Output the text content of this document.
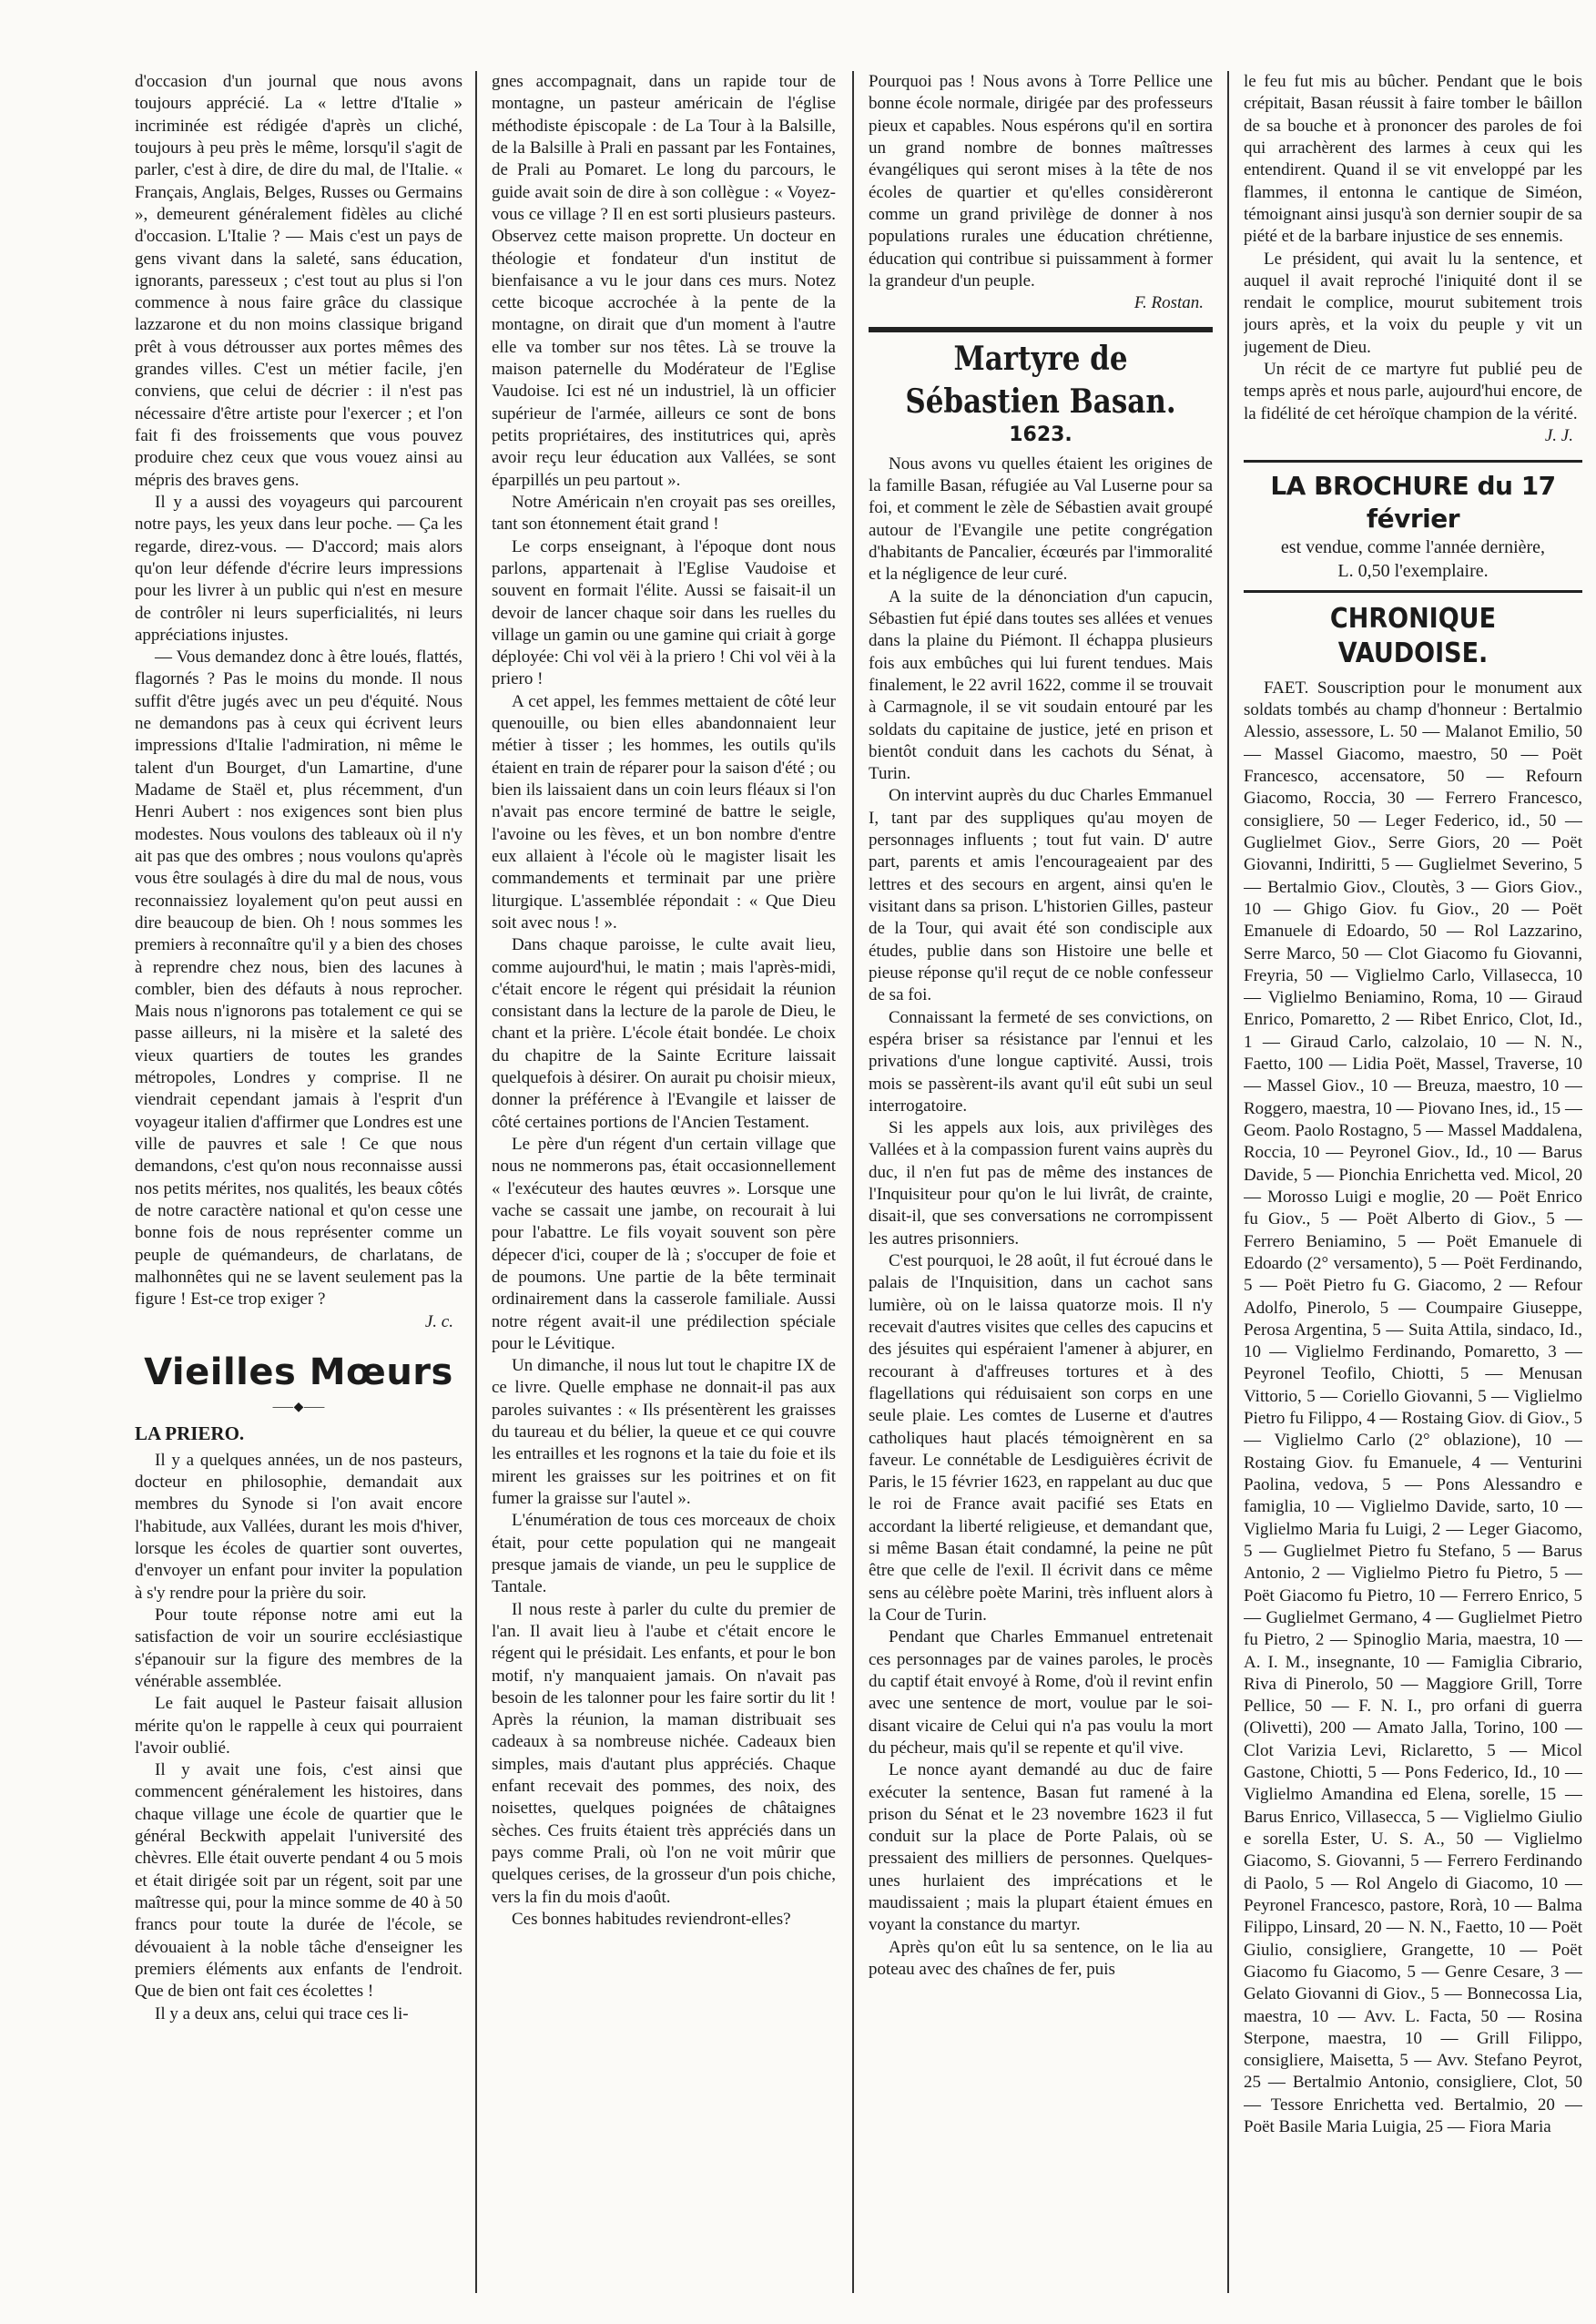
d'occasion d'un journal que nous avons toujours apprécié. La « lettre d'Italie » incriminée est rédigée d'après un cliché, toujours à peu près le même, lorsqu'il s'agit de parler, c'est à dire, de dire du mal, de l'Italie. « Français, Anglais, Belges, Russes ou Germains », demeurent généralement fidèles au cliché d'occasion. L'Italie ? — Mais c'est un pays de gens vivant dans la saleté, sans éducation, ignorants, paresseux ; c'est tout au plus si l'on commence à nous faire grâce du classique lazzarone et du non moins classique brigand prêt à vous détrousser aux portes mêmes des grandes villes. C'est un métier facile, j'en conviens, que celui de décrier : il n'est pas nécessaire d'être artiste pour l'exercer ; et l'on fait fi des froissements que vous pouvez produire chez ceux que vous vouez ainsi au mépris des braves gens.

Il y a aussi des voyageurs qui parcourent notre pays, les yeux dans leur poche. — Ça les regarde, direz-vous. — D'accord; mais alors qu'on leur défende d'écrire leurs impressions pour les livrer à un public qui n'est en mesure de contrôler ni leurs superficialités, ni leurs appréciations injustes.

— Vous demandez donc à être loués, flattés, flagornés ? Pas le moins du monde. Il nous suffit d'être jugés avec un peu d'équité. Nous ne demandons pas à ceux qui écrivent leurs impressions d'Italie l'admiration, ni même le talent d'un Bourget, d'un Lamartine, d'une Madame de Staël et, plus récemment, d'un Henri Aubert : nos exigences sont bien plus modestes. Nous voulons des tableaux où il n'y ait pas que des ombres ; nous voulons qu'après vous être soulagés à dire du mal de nous, vous reconnaissiez loyalement qu'on peut aussi en dire beaucoup de bien. Oh ! nous sommes les premiers à reconnaître qu'il y a bien des choses à reprendre chez nous, bien des lacunes à combler, bien des défauts à nous reprocher. Mais nous n'ignorons pas totalement ce qui se passe ailleurs, ni la misère et la saleté des vieux quartiers de toutes les grandes métropoles, Londres y comprise. Il ne viendrait cependant jamais à l'esprit d'un voyageur italien d'affirmer que Londres est une ville de pauvres et sale ! Ce que nous demandons, c'est qu'on nous reconnaisse aussi nos petits mérites, nos qualités, les beaux côtés de notre caractère national et qu'on cesse une bonne fois de nous représenter comme un peuple de quémandeurs, de charlatans, de malhonnêtes qui ne se lavent seulement pas la figure ! Est-ce trop exiger ?

J. c.
Vieilles Mœurs
⸺◆⸺
LA PRIERO.

Il y a quelques années, un de nos pasteurs, docteur en philosophie, demandait aux membres du Synode si l'on avait encore l'habitude, aux Vallées, durant les mois d'hiver, lorsque les écoles de quartier sont ouvertes, d'envoyer un enfant pour inviter la population à s'y rendre pour la prière du soir.

Pour toute réponse notre ami eut la satisfaction de voir un sourire ecclésiastique s'épanouir sur la figure des membres de la vénérable assemblée.

Le fait auquel le Pasteur faisait allusion mérite qu'on le rappelle à ceux qui pourraient l'avoir oublié.

Il y avait une fois, c'est ainsi que commencent généralement les histoires, dans chaque village une école de quartier que le général Beckwith appelait l'université des chèvres. Elle était ouverte pendant 4 ou 5 mois et était dirigée soit par un régent, soit par une maîtresse qui, pour la mince somme de 40 à 50 francs pour toute la durée de l'école, se dévouaient à la noble tâche d'enseigner les premiers éléments aux enfants de l'endroit. Que de bien ont fait ces écolettes !

Il y a deux ans, celui qui trace ces li-

gnes accompagnait, dans un rapide tour de montagne, un pasteur américain de l'église méthodiste épiscopale : de La Tour à la Balsille, de la Balsille à Prali en passant par les Fontaines, de Prali au Pomaret. Le long du parcours, le guide avait soin de dire à son collègue : « Voyez-vous ce village ? Il en est sorti plusieurs pasteurs. Observez cette maison proprette. Un docteur en théologie et fondateur d'un institut de bienfaisance a vu le jour dans ces murs. Notez cette bicoque accrochée à la pente de la montagne, on dirait que d'un moment à l'autre elle va tomber sur nos têtes. Là se trouve la maison paternelle du Modérateur de l'Eglise Vaudoise. Ici est né un industriel, là un officier supérieur de l'armée, ailleurs ce sont de bons petits propriétaires, des institutrices qui, après avoir reçu leur éducation aux Vallées, se sont éparpillés un peu partout ».

Notre Américain n'en croyait pas ses oreilles, tant son étonnement était grand !

Le corps enseignant, à l'époque dont nous parlons, appartenait à l'Eglise Vaudoise et souvent en formait l'élite. Aussi se faisait-il un devoir de lancer chaque soir dans les ruelles du village un gamin ou une gamine qui criait à gorge déployée: Chi vol vëi à la priero ! Chi vol vëi à la priero !

A cet appel, les femmes mettaient de côté leur quenouille, ou bien elles abandonnaient leur métier à tisser ; les hommes, les outils qu'ils étaient en train de réparer pour la saison d'été ; ou bien ils laissaient dans un coin leurs fléaux si l'on n'avait pas encore terminé de battre le seigle, l'avoine ou les fèves, et un bon nombre d'entre eux allaient à l'école où le magister lisait les commandements et terminait par une prière liturgique. L'assemblée répondait : « Que Dieu soit avec nous ! ».

Dans chaque paroisse, le culte avait lieu, comme aujourd'hui, le matin ; mais l'après-midi, c'était encore le régent qui présidait la réunion consistant dans la lecture de la parole de Dieu, le chant et la prière. L'école était bondée. Le choix du chapitre de la Sainte Ecriture laissait quelquefois à désirer. On aurait pu choisir mieux, donner la préférence à l'Evangile et laisser de côté certaines portions de l'Ancien Testament.

Le père d'un régent d'un certain village que nous ne nommerons pas, était occasionnellement « l'exécuteur des hautes œuvres ». Lorsque une vache se cassait une jambe, on recourait à lui pour l'abattre. Le fils voyait souvent son père dépecer d'ici, couper de là ; s'occuper de foie et de poumons. Une partie de la bête terminait ordinairement dans la casserole familiale. Aussi notre régent avait-il une prédilection spéciale pour le Lévitique.

Un dimanche, il nous lut tout le chapitre IX de ce livre. Quelle emphase ne donnait-il pas aux paroles suivantes : « Ils présentèrent les graisses du taureau et du bélier, la queue et ce qui couvre les entrailles et les rognons et la taie du foie et ils mirent les graisses sur les poitrines et on fit fumer la graisse sur l'autel ».

L'énumération de tous ces morceaux de choix était, pour cette population qui ne mangeait presque jamais de viande, un peu le supplice de Tantale.

Il nous reste à parler du culte du premier de l'an. Il avait lieu à l'aube et c'était encore le régent qui le présidait. Les enfants, et pour le bon motif, n'y manquaient jamais. On n'avait pas besoin de les talonner pour les faire sortir du lit ! Après la réunion, la maman distribuait ses cadeaux à sa nombreuse nichée. Cadeaux bien simples, mais d'autant plus appréciés. Chaque enfant recevait des pommes, des noix, des noisettes, quelques poignées de châtaignes sèches. Ces fruits étaient très appréciés dans un pays comme Prali, où l'on ne voit mûrir que quelques cerises, de la grosseur d'un pois chiche, vers la fin du mois d'août.

Ces bonnes habitudes reviendront-elles?

Pourquoi pas ! Nous avons à Torre Pellice une bonne école normale, dirigée par des professeurs pieux et capables. Nous espérons qu'il en sortira un grand nombre de bonnes maîtresses évangéliques qui seront mises à la tête de nos écoles de quartier et qu'elles considèreront comme un grand privilège de donner à nos populations rurales une éducation chrétienne, éducation qui contribue si puissamment à former la grandeur d'un peuple.

F. Rostan.
Martyre de Sébastien Basan.
1623.

Nous avons vu quelles étaient les origines de la famille Basan, réfugiée au Val Luserne pour sa foi, et comment le zèle de Sébastien avait groupé autour de l'Evangile une petite congrégation d'habitants de Pancalier, écœurés par l'immoralité et la négligence de leur curé.

A la suite de la dénonciation d'un capucin, Sébastien fut épié dans toutes ses allées et venues dans la plaine du Piémont. Il échappa plusieurs fois aux embûches qui lui furent tendues. Mais finalement, le 22 avril 1622, comme il se trouvait à Carmagnole, il se vit soudain entouré par les soldats du capitaine de justice, jeté en prison et bientôt conduit dans les cachots du Sénat, à Turin.

On intervint auprès du duc Charles Emmanuel I, tant par des suppliques qu'au moyen de personnages influents ; tout fut vain. D' autre part, parents et amis l'encourageaient par des lettres et des secours en argent, ainsi qu'en le visitant dans sa prison. L'historien Gilles, pasteur de la Tour, qui avait été son condisciple aux études, publie dans son Histoire une belle et pieuse réponse qu'il reçut de ce noble confesseur de sa foi.

Connaissant la fermeté de ses convictions, on espéra briser sa résistance par l'ennui et les privations d'une longue captivité. Aussi, trois mois se passèrent-ils avant qu'il eût subi un seul interrogatoire.

Si les appels aux lois, aux privilèges des Vallées et à la compassion furent vains auprès du duc, il n'en fut pas de même des instances de l'Inquisiteur pour qu'on le lui livrât, de crainte, disait-il, que ses conversations ne corrompissent les autres prisonniers.

C'est pourquoi, le 28 août, il fut écroué dans le palais de l'Inquisition, dans un cachot sans lumière, où on le laissa quatorze mois. Il n'y recevait d'autres visites que celles des capucins et des jésuites qui espéraient l'amener à abjurer, en recourant à d'affreuses tortures et à des flagellations qui réduisaient son corps en une seule plaie. Les comtes de Luserne et d'autres catholiques haut placés témoignèrent en sa faveur. Le connétable de Lesdiguières écrivit de Paris, le 15 février 1623, en rappelant au duc que le roi de France avait pacifié ses Etats en accordant la liberté religieuse, et demandant que, si même Basan était condamné, la peine ne pût être que celle de l'exil. Il écrivit dans ce même sens au célèbre poète Marini, très influent alors à la Cour de Turin.

Pendant que Charles Emmanuel entretenait ces personnages par de vaines paroles, le procès du captif était envoyé à Rome, d'où il revint enfin avec une sentence de mort, voulue par le soi-disant vicaire de Celui qui n'a pas voulu la mort du pécheur, mais qu'il se repente et qu'il vive.

Le nonce ayant demandé au duc de faire exécuter la sentence, Basan fut ramené à la prison du Sénat et le 23 novembre 1623 il fut conduit sur la place de Porte Palais, où se pressaient des milliers de personnes. Quelques-unes hurlaient des imprécations et le maudissaient ; mais la plupart étaient émues en voyant la constance du martyr.

Après qu'on eût lu sa sentence, on le lia au poteau avec des chaînes de fer, puis

le feu fut mis au bûcher. Pendant que le bois crépitait, Basan réussit à faire tomber le bâillon de sa bouche et à prononcer des paroles de foi qui arrachèrent des larmes à ceux qui les entendirent. Quand il se vit enveloppé par les flammes, il entonna le cantique de Siméon, témoignant ainsi jusqu'à son dernier soupir de sa piété et de la barbare injustice de ses ennemis.

Le président, qui avait lu la sentence, et auquel il avait reproché l'iniquité dont il se rendait le complice, mourut subitement trois jours après, et la voix du peuple y vit un jugement de Dieu.

Un récit de ce martyre fut publié peu de temps après et nous parle, aujourd'hui encore, de la fidélité de cet héroïque champion de la vérité.

J. J.
LA BROCHURE du 17 février
est vendue, comme l'année dernière,
L. 0,50 l'exemplaire.
CHRONIQUE VAUDOISE.

FAET. Souscription pour le monument aux soldats tombés au champ d'honneur : Bertalmio Alessio, assessore, L. 50 — Malanot Emilio, 50 — Massel Giacomo, maestro, 50 — Poët Francesco, accensatore, 50 — Refourn Giacomo, Roccia, 30 — Ferrero Francesco, consigliere, 50 — Leger Federico, id., 50 — Guglielmet Giov., Serre Giors, 20 — Poët Giovanni, Indiritti, 5 — Guglielmet Severino, 5 — Bertalmio Giov., Cloutès, 3 — Giors Giov., 10 — Ghigo Giov. fu Giov., 20 — Poët Emanuele di Edoardo, 50 — Rol Lazzarino, Serre Marco, 50 — Clot Giacomo fu Giovanni, Freyria, 50 — Viglielmo Carlo, Villasecca, 10 — Viglielmo Beniamino, Roma, 10 — Giraud Enrico, Pomaretto, 2 — Ribet Enrico, Clot, Id., 1 — Giraud Carlo, calzolaio, 10 — N. N., Faetto, 100 — Lidia Poët, Massel, Traverse, 10 — Massel Giov., 10 — Breuza, maestro, 10 — Roggero, maestra, 10 — Piovano Ines, id., 15 — Geom. Paolo Rostagno, 5 — Massel Maddalena, Roccia, 10 — Peyronel Giov., Id., 10 — Barus Davide, 5 — Pionchia Enrichetta ved. Micol, 20 — Morosso Luigi e moglie, 20 — Poët Enrico fu Giov., 5 — Poët Alberto di Giov., 5 — Ferrero Beniamino, 5 — Poët Emanuele di Edoardo (2° versamento), 5 — Poët Ferdinando, 5 — Poët Pietro fu G. Giacomo, 2 — Refour Adolfo, Pinerolo, 5 — Coumpaire Giuseppe, Perosa Argentina, 5 — Suita Attila, sindaco, Id., 10 — Viglielmo Ferdinando, Pomaretto, 3 — Peyronel Teofilo, Chiotti, 5 — Menusan Vittorio, 5 — Coriello Giovanni, 5 — Viglielmo Pietro fu Filippo, 4 — Rostaing Giov. di Giov., 5 — Viglielmo Carlo (2° oblazione), 10 — Rostaing Giov. fu Emanuele, 4 — Venturini Paolina, vedova, 5 — Pons Alessandro e famiglia, 10 — Viglielmo Davide, sarto, 10 — Viglielmo Maria fu Luigi, 2 — Leger Giacomo, 5 — Guglielmet Pietro fu Stefano, 5 — Barus Antonio, 2 — Viglielmo Pietro fu Pietro, 5 — Poët Giacomo fu Pietro, 10 — Ferrero Enrico, 5 — Guglielmet Germano, 4 — Guglielmet Pietro fu Pietro, 2 — Spinoglio Maria, maestra, 10 — A. I. M., insegnante, 10 — Famiglia Cibrario, Riva di Pinerolo, 50 — Maggiore Grill, Torre Pellice, 50 — F. N. I., pro orfani di guerra (Olivetti), 200 — Amato Jalla, Torino, 100 — Clot Varizia Levi, Riclaretto, 5 — Micol Gastone, Chiotti, 5 — Pons Federico, Id., 10 — Viglielmo Amandina ed Elena, sorelle, 15 — Barus Enrico, Villasecca, 5 — Viglielmo Giulio e sorella Ester, U. S. A., 50 — Viglielmo Giacomo, S. Giovanni, 5 — Ferrero Ferdinando di Paolo, 5 — Rol Angelo di Giacomo, 10 — Peyronel Francesco, pastore, Rorà, 10 — Balma Filippo, Linsard, 20 — N. N., Faetto, 10 — Poët Giulio, consigliere, Grangette, 10 — Poët Giacomo fu Giacomo, 5 — Genre Cesare, 3 — Gelato Giovanni di Giov., 5 — Bonnecossa Lia, maestra, 10 — Avv. L. Facta, 50 — Rosina Sterpone, maestra, 10 — Grill Filippo, consigliere, Maisetta, 5 — Avv. Stefano Peyrot, 25 — Bertalmio Antonio, consigliere, Clot, 50 — Tessore Enrichetta ved. Bertalmio, 20 — Poët Basile Maria Luigia, 25 — Fiora Maria
